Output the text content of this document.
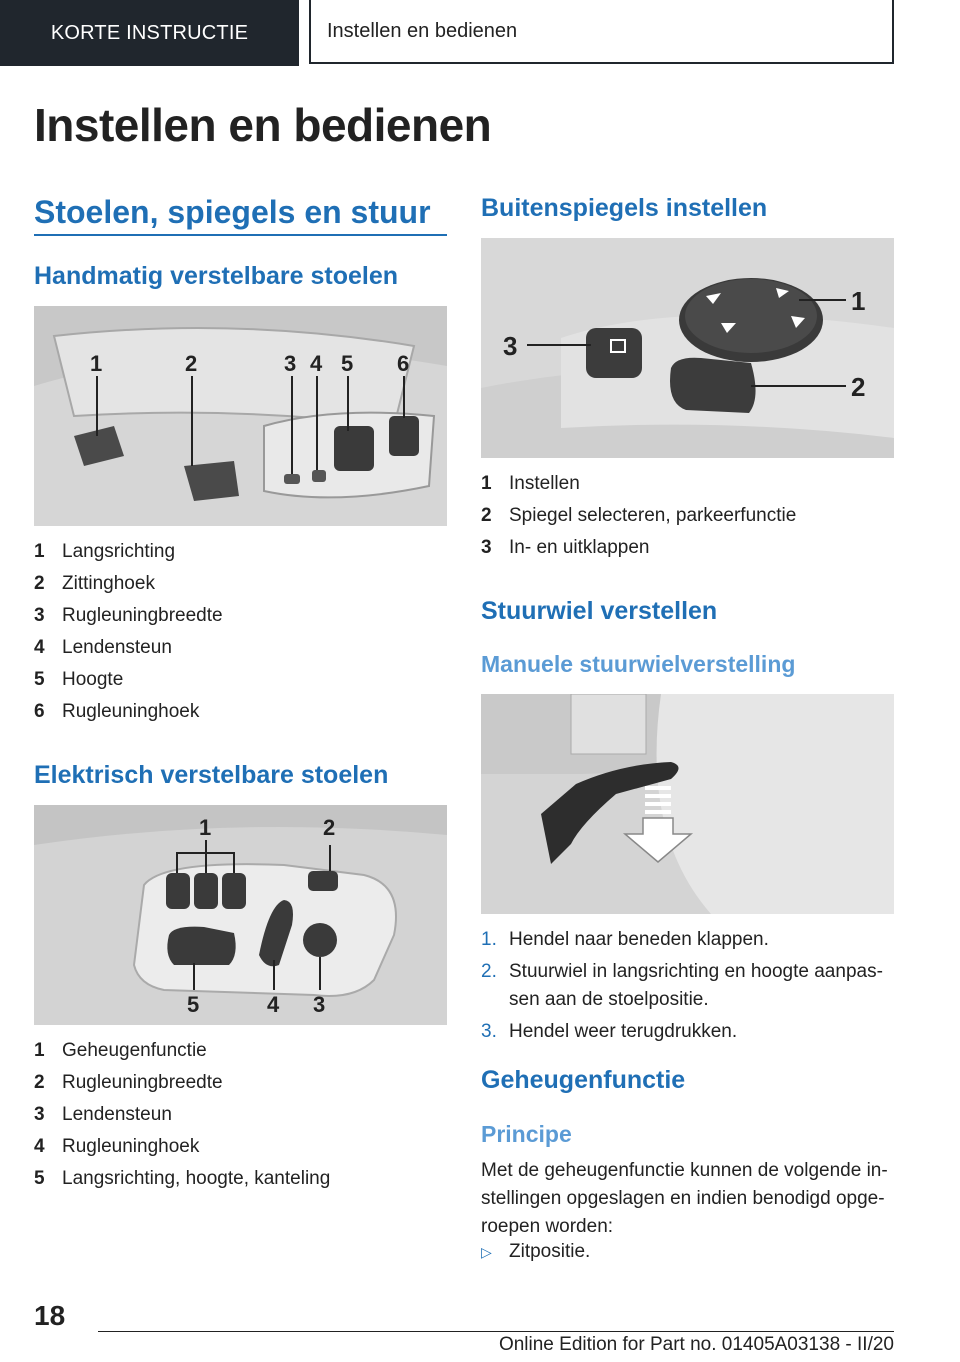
KORTE INSTRUCTIE	Instellen en bedienen
Instellen en bedienen
Stoelen, spiegels en stuur
Handmatig verstelbare stoelen
1	2	3 4 5 6
1 Langsrichting
2 Zittinghoek
3 Rugleuningbreedte
4 Lendensteun
5 Hoogte
6 Rugleuninghoek
Elektrisch verstelbare stoelen
1	2
3
4
5
1 Geheugenfunctie
2 Rugleuningbreedte
3 Lendensteun
4 Rugleuninghoek
5 Langsrichting, hoogte, kanteling
Buitenspiegels instellen
1
2
3
1 Instellen
2 Spiegel selecteren, parkeerfunctie
3 In- en uitklappen
Stuurwiel verstellen
Manuele stuurwielverstelling
1. Hendel naar beneden klappen.
2. Stuurwiel in langsrichting en hoogte aanpassen aan de stoelpositie.
3. Hendel weer terugdrukken.
Geheugenfunctie
Principe
Met de geheugenfunctie kunnen de volgende instellingen opgeslagen en indien benodigd opgeroepen worden:
▷ Zitpositie.
18
Online Edition for Part no. 01405A03138 - II/20
